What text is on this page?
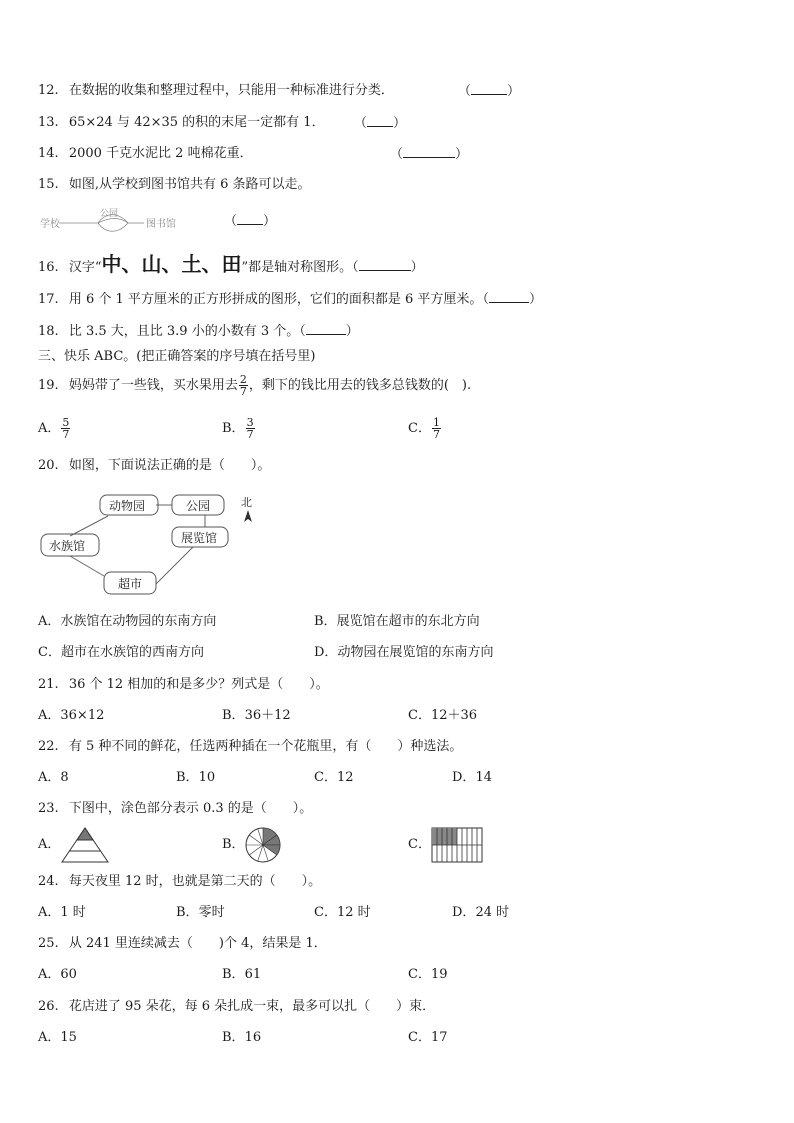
12. 在数据的收集和整理过程中，只能用一种标准进行分类．	（	）
13. 65×24 与 42×35 的积的末尾一定都有 1． （ ）
14. 2000 千克水泥比 2 吨棉花重．	（	）
15. 如图,从学校到图书馆共有 6 条路可以走。
学校
公园
图书馆	（ ）
16. 汉字“中、山、土、田”都是轴对称图形。（	）
17. 用 6 个 1 平方厘米的正方形拼成的图形，它们的面积都是 6 平方厘米。（	）
18. 比 3.5 大，且比 3.9 小的小数有 3 个。（	）
三、快乐 ABC。(把正确答案的序号填在括号里)
19. 妈妈带了一些钱，买水果用去 $\frac{2}{7}$ ，剩下的钱比用去的钱多总钱数的(　).
A． $\frac{5}{7}$	B． $\frac{3}{7}$	C． $\frac{1}{7}$
20. 如图，下面说法正确的是（　　）。
动物园	公园
水族馆
展览馆
超市
北
A．水族馆在动物园的东南方向	B．展览馆在超市的东北方向
C．超市在水族馆的西南方向	D．动物园在展览馆的东南方向
21. 36 个 12 相加的和是多少？列式是（　　）。
A．36×12	B．36＋12	C．12＋36
22. 有 5 种不同的鲜花，任选两种插在一个花瓶里，有（　　）种选法。
A．8	B．10	C．12	D．14
23. 下图中，涂色部分表示 0.3 的是（　　）。
A．	B．	C．
24. 每天夜里 12 时，也就是第二天的（　　）。
A．1 时	B．零时	C．12 时	D．24 时
25. 从 241 里连续减去（　　)个 4，结果是 1．
A．60	B．61	C．19
26. 花店进了 95 朵花，每 6 朵扎成一束，最多可以扎（　　）束．
A．15	B．16	C．17
